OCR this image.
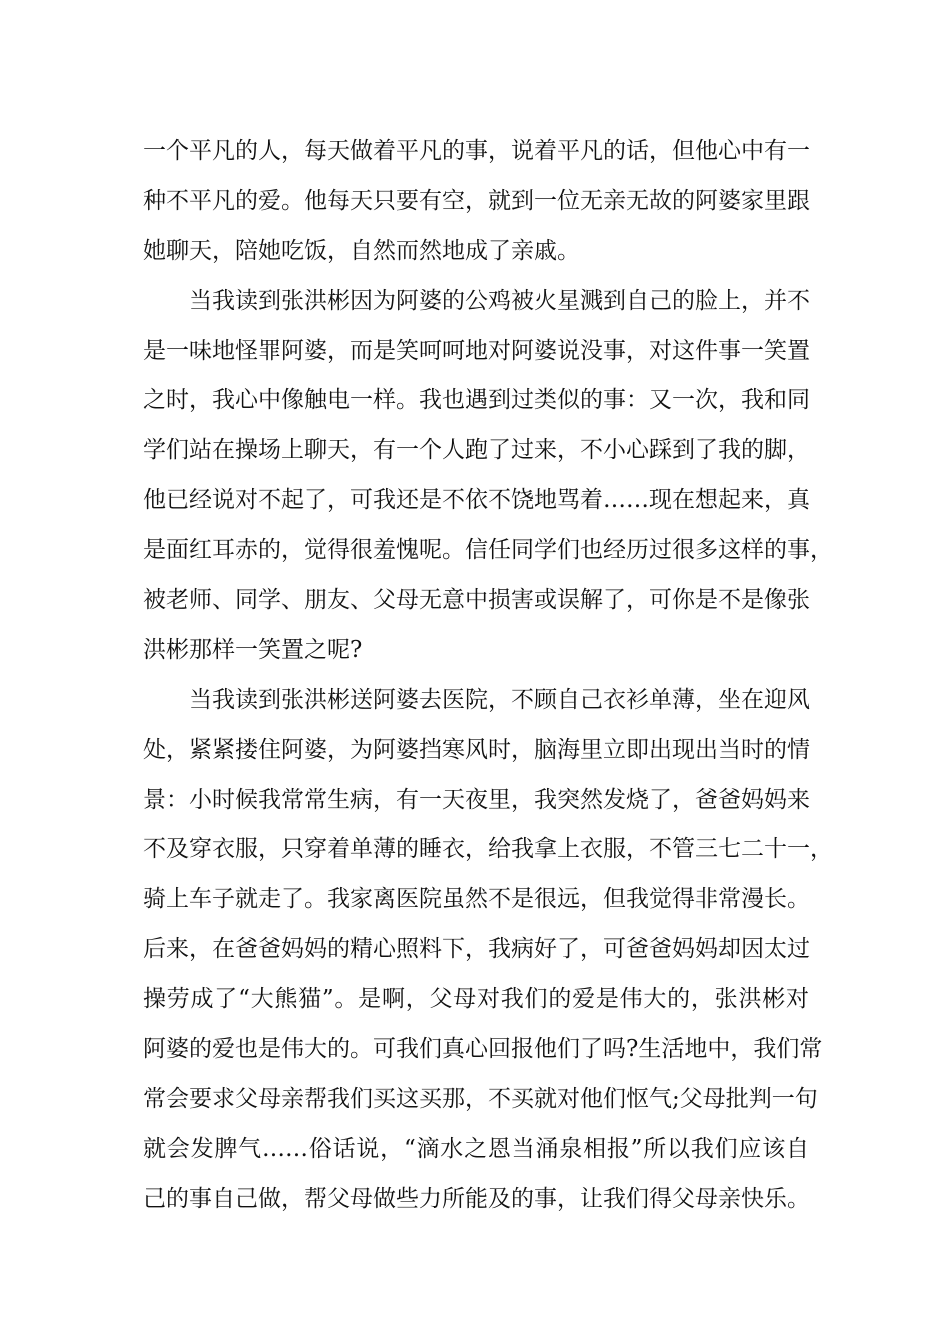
一个平凡的人，每天做着平凡的事，说着平凡的话，但他心中有一
种不平凡的爱。他每天只要有空，就到一位无亲无故的阿婆家里跟
她聊天，陪她吃饭，自然而然地成了亲戚。
当我读到张洪彬因为阿婆的公鸡被火星溅到自己的脸上，并不
是一味地怪罪阿婆，而是笑呵呵地对阿婆说没事，对这件事一笑置
之时，我心中像触电一样。我也遇到过类似的事：又一次，我和同
学们站在操场上聊天，有一个人跑了过来，不小心踩到了我的脚，
他已经说对不起了，可我还是不依不饶地骂着……现在想起来，真
是面红耳赤的，觉得很羞愧呢。信任同学们也经历过很多这样的事，
被老师、同学、朋友、父母无意中损害或误解了，可你是不是像张
洪彬那样一笑置之呢?
当我读到张洪彬送阿婆去医院，不顾自己衣衫单薄，坐在迎风
处，紧紧搂住阿婆，为阿婆挡寒风时，脑海里立即出现出当时的情
景：小时候我常常生病，有一天夜里，我突然发烧了，爸爸妈妈来
不及穿衣服，只穿着单薄的睡衣，给我拿上衣服，不管三七二十一，
骑上车子就走了。我家离医院虽然不是很远，但我觉得非常漫长。
后来，在爸爸妈妈的精心照料下，我病好了，可爸爸妈妈却因太过
操劳成了“大熊猫”。是啊，父母对我们的爱是伟大的，张洪彬对
阿婆的爱也是伟大的。可我们真心回报他们了吗?生活地中，我们常
常会要求父母亲帮我们买这买那，不买就对他们怄气;父母批判一句
就会发脾气……俗话说，“滴水之恩当涌泉相报”所以我们应该自
己的事自己做，帮父母做些力所能及的事，让我们得父母亲快乐。
